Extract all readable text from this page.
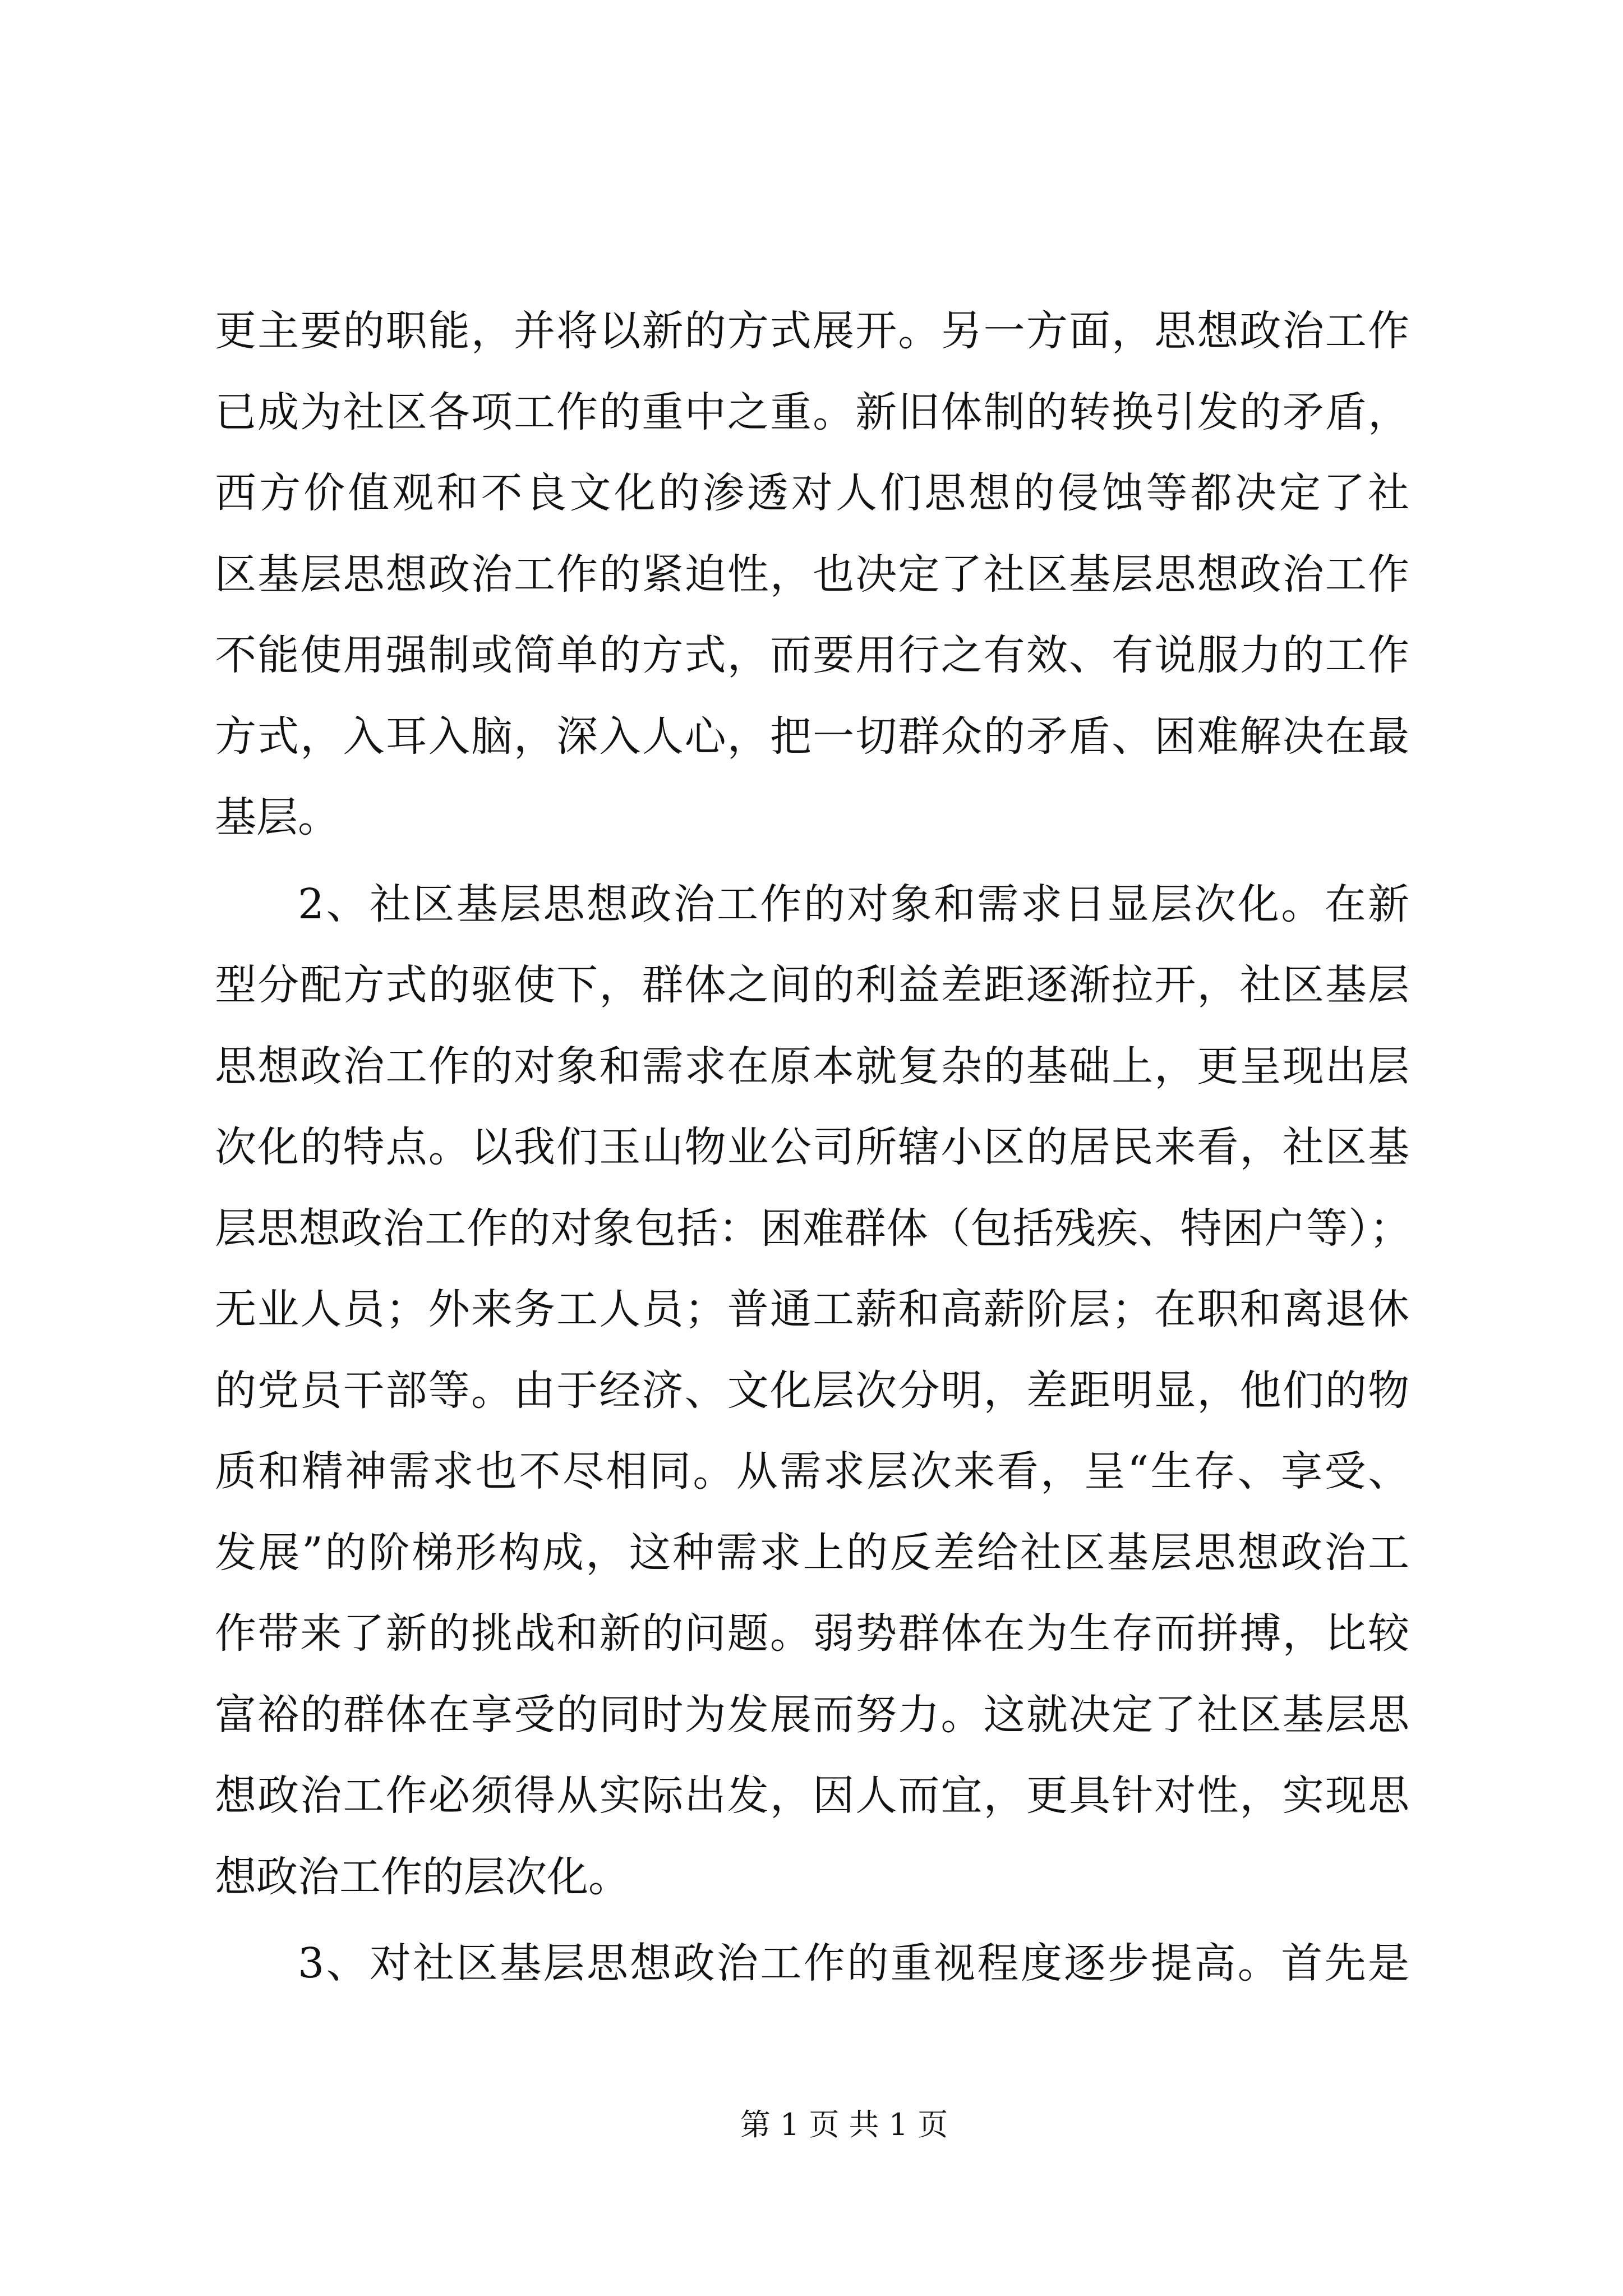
更主要的职能，并将以新的方式展开。另一方面，思想政治工作
已成为社区各项工作的重中之重。新旧体制的转换引发的矛盾，
西方价值观和不良文化的渗透对人们思想的侵蚀等都决定了社
区基层思想政治工作的紧迫性，也决定了社区基层思想政治工作
不能使用强制或简单的方式，而要用行之有效、有说服力的工作
方式，入耳入脑，深入人心，把一切群众的矛盾、困难解决在最
基层。
2、社区基层思想政治工作的对象和需求日显层次化。在新
型分配方式的驱使下，群体之间的利益差距逐渐拉开，社区基层
思想政治工作的对象和需求在原本就复杂的基础上，更呈现出层
次化的特点。以我们玉山物业公司所辖小区的居民来看，社区基
层思想政治工作的对象包括：困难群体（包括残疾、特困户等）；
无业人员；外来务工人员；普通工薪和高薪阶层；在职和离退休
的党员干部等。由于经济、文化层次分明，差距明显，他们的物
质和精神需求也不尽相同。从需求层次来看，呈“生存、享受、
发展”的阶梯形构成，这种需求上的反差给社区基层思想政治工
作带来了新的挑战和新的问题。弱势群体在为生存而拼搏，比较
富裕的群体在享受的同时为发展而努力。这就决定了社区基层思
想政治工作必须得从实际出发，因人而宜，更具针对性，实现思
想政治工作的层次化。
3、对社区基层思想政治工作的重视程度逐步提高。首先是
第 1 页 共 1 页
